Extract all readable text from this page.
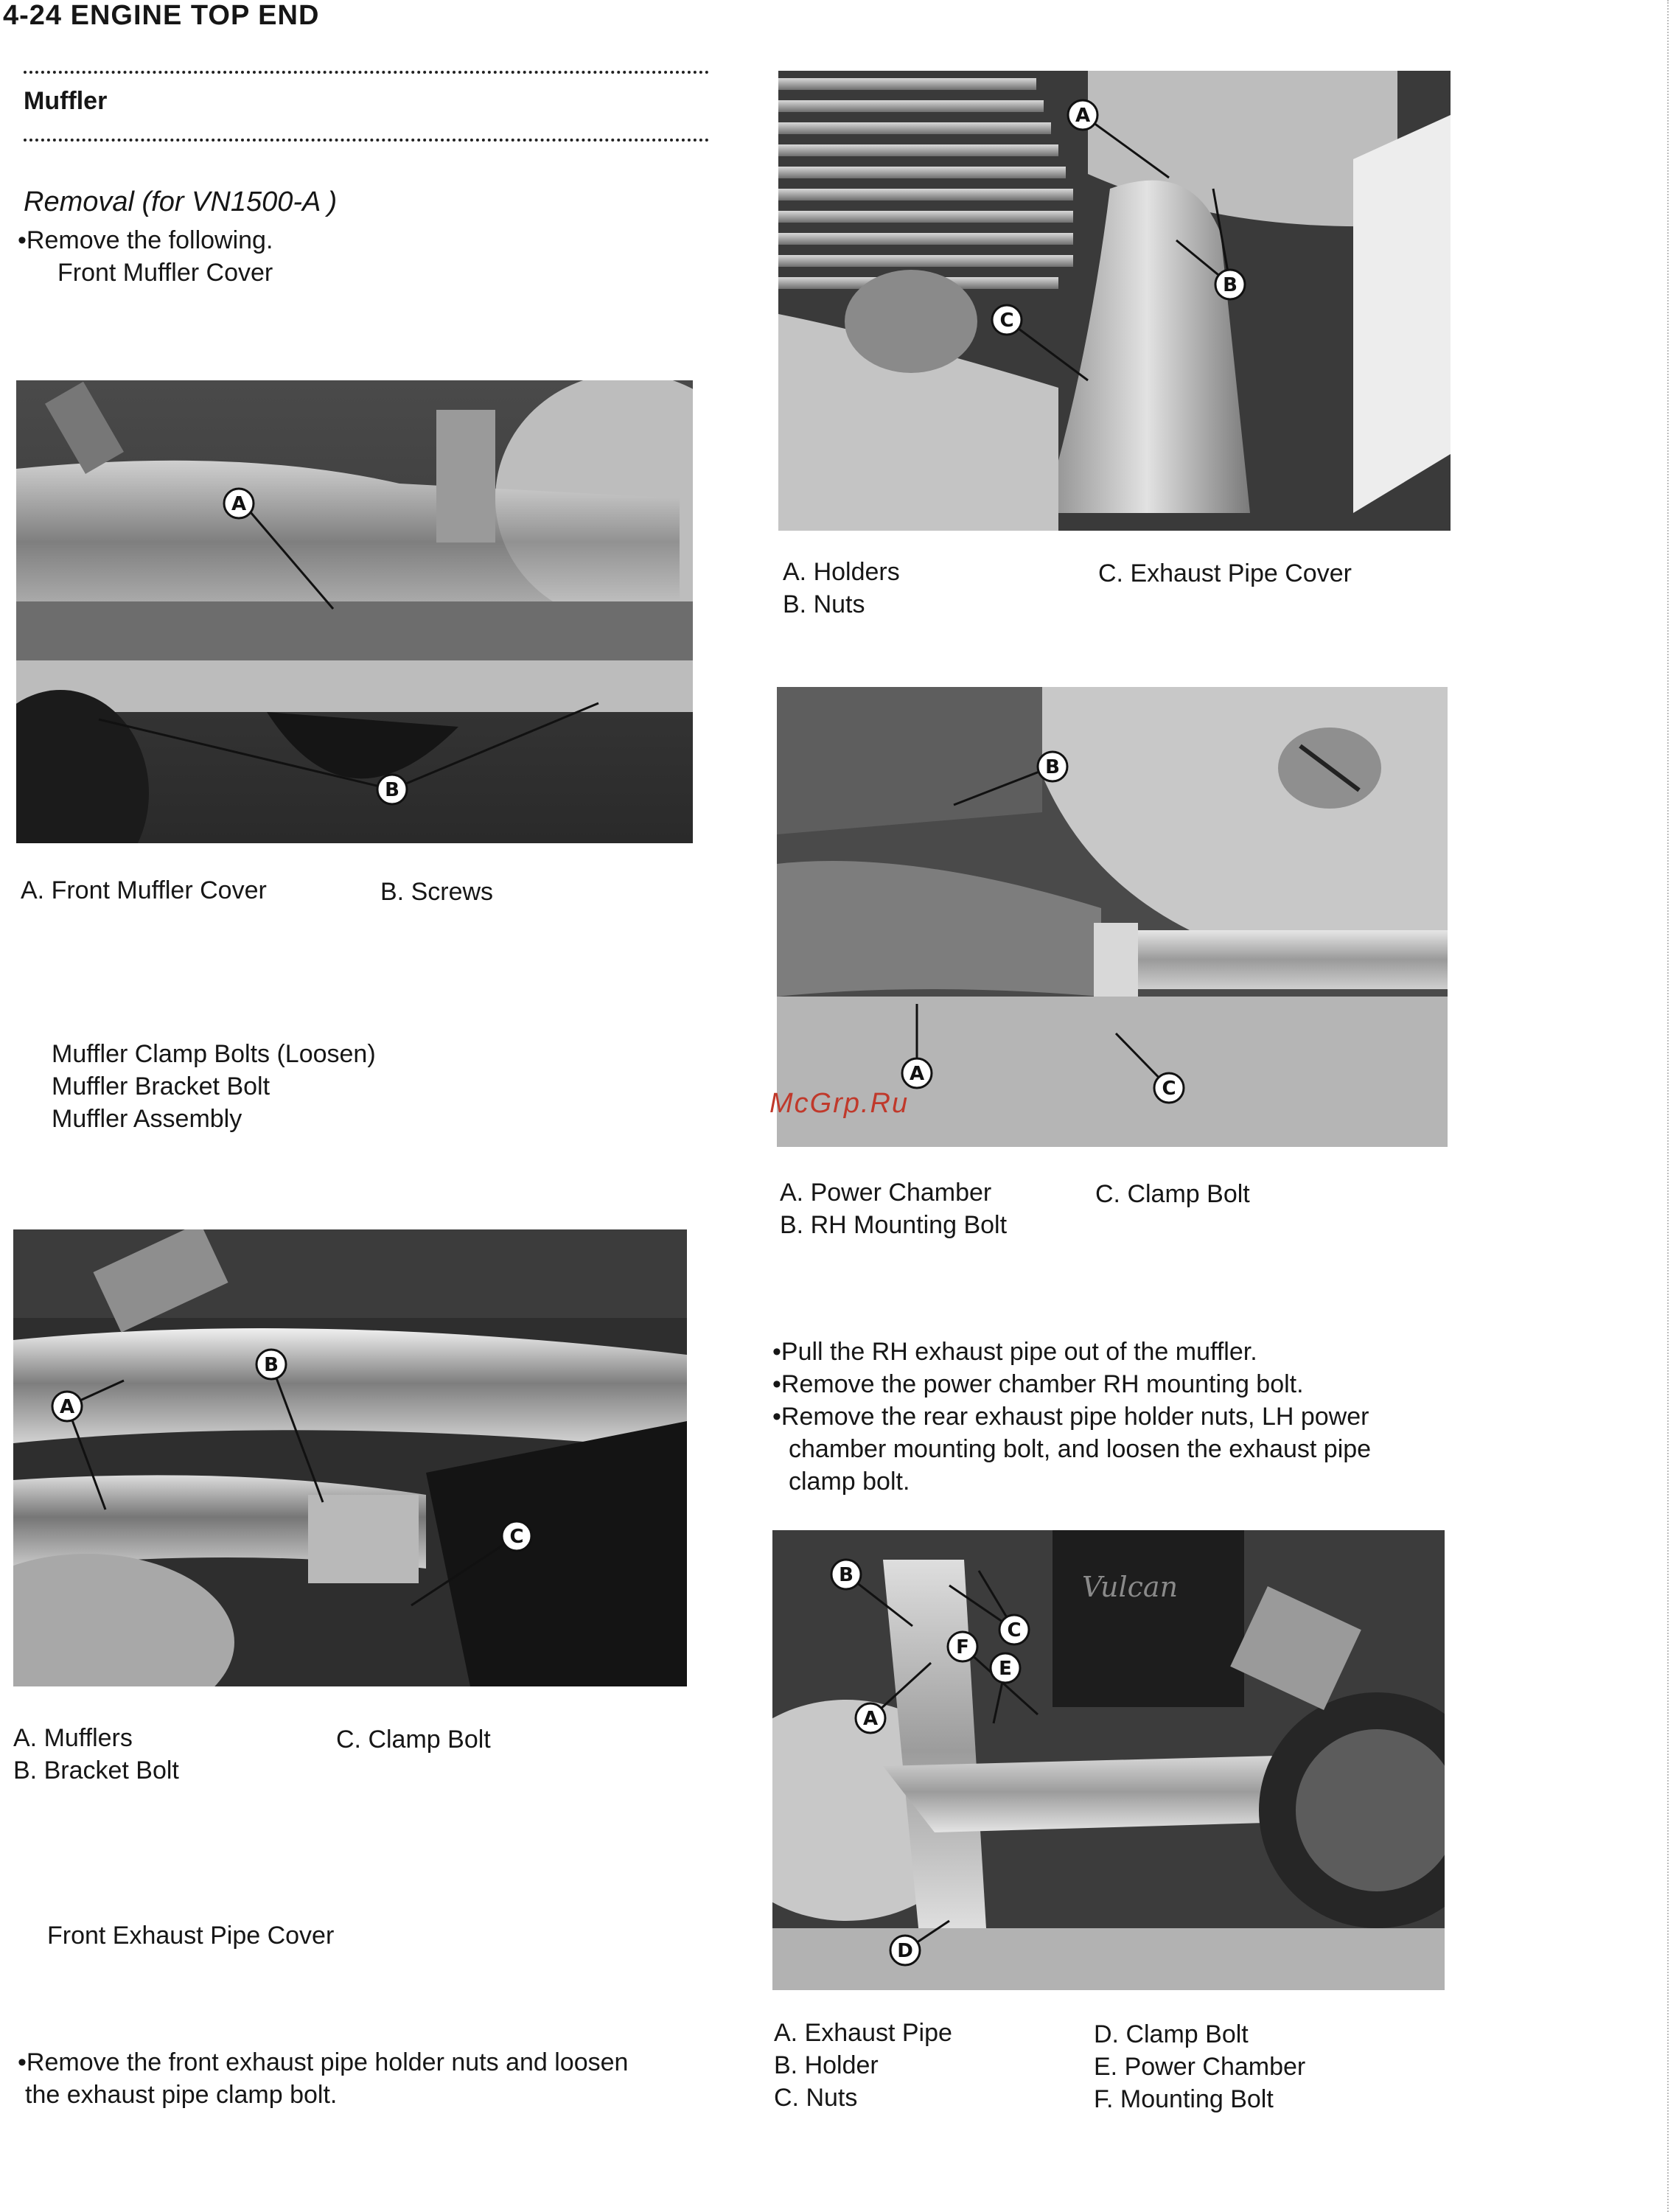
4-24 ENGINE TOP END
Muffler
Removal (for VN1500-A )
•Remove the following.
Front Muffler Cover
A
B
A. Front Muffler Cover	B. Screws
Muffler Clamp Bolts (Loosen)
Muffler Bracket Bolt
Muffler Assembly
B
A
C
A. Mufflers
B. Bracket Bolt
C. Clamp Bolt
Front Exhaust Pipe Cover
•Remove the front exhaust pipe holder nuts and loosen
the exhaust pipe clamp bolt.
A
B
C
A. Holders
B. Nuts
C. Exhaust Pipe Cover
A
B
C
McGrp.Ru
A. Power Chamber
B. RH Mounting Bolt
C. Clamp Bolt
•Pull the RH exhaust pipe out of the muffler.
•Remove the power chamber RH mounting bolt.
•Remove the rear exhaust pipe holder nuts, LH power
chamber mounting bolt, and loosen the exhaust pipe
clamp bolt.
Vulcan
B
C
F
E
A
D
A. Exhaust Pipe
B. Holder
C. Nuts
D. Clamp Bolt
E. Power Chamber
F. Mounting Bolt
